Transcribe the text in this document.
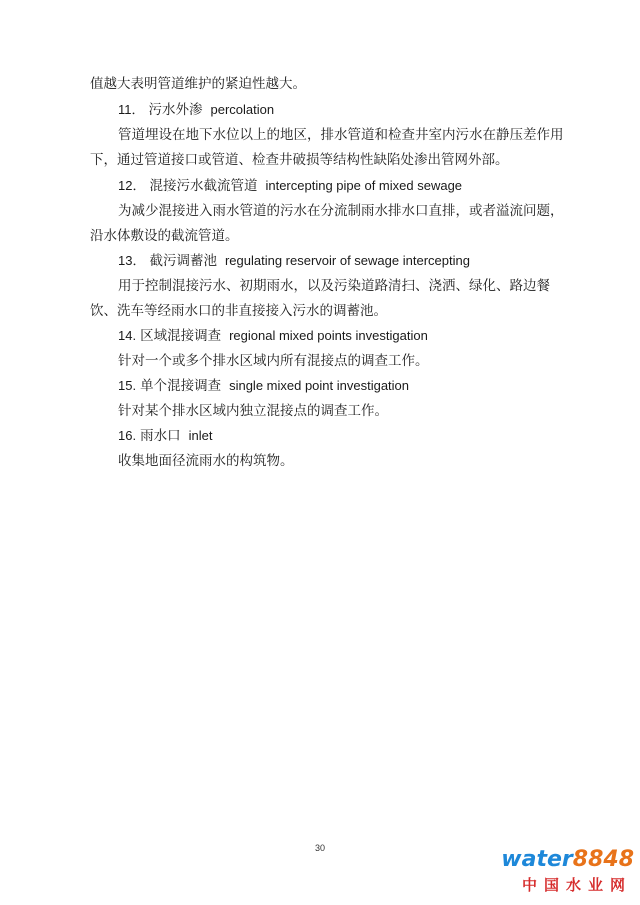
值越大表明管道维护的紧迫性越大。
11． 污水外渗 percolation
管道埋设在地下水位以上的地区，排水管道和检查井室内污水在静压差作用
下，通过管道接口或管道、检查井破损等结构性缺陷处渗出管网外部。
12． 混接污水截流管道 intercepting pipe of mixed sewage
为减少混接进入雨水管道的污水在分流制雨水排水口直排，或者溢流问题，
沿水体敷设的截流管道。
13． 截污调蓄池 regulating reservoir of sewage intercepting
用于控制混接污水、初期雨水，以及污染道路清扫、浇洒、绿化、路边餐
饮、洗车等经雨水口的非直接接入污水的调蓄池。
14. 区域混接调查 regional mixed points investigation
针对一个或多个排水区域内所有混接点的调查工作。
15. 单个混接调查 single mixed point investigation
针对某个排水区域内独立混接点的调查工作。
16. 雨水口 inlet
收集地面径流雨水的构筑物。
30	water8848
中国水业网
